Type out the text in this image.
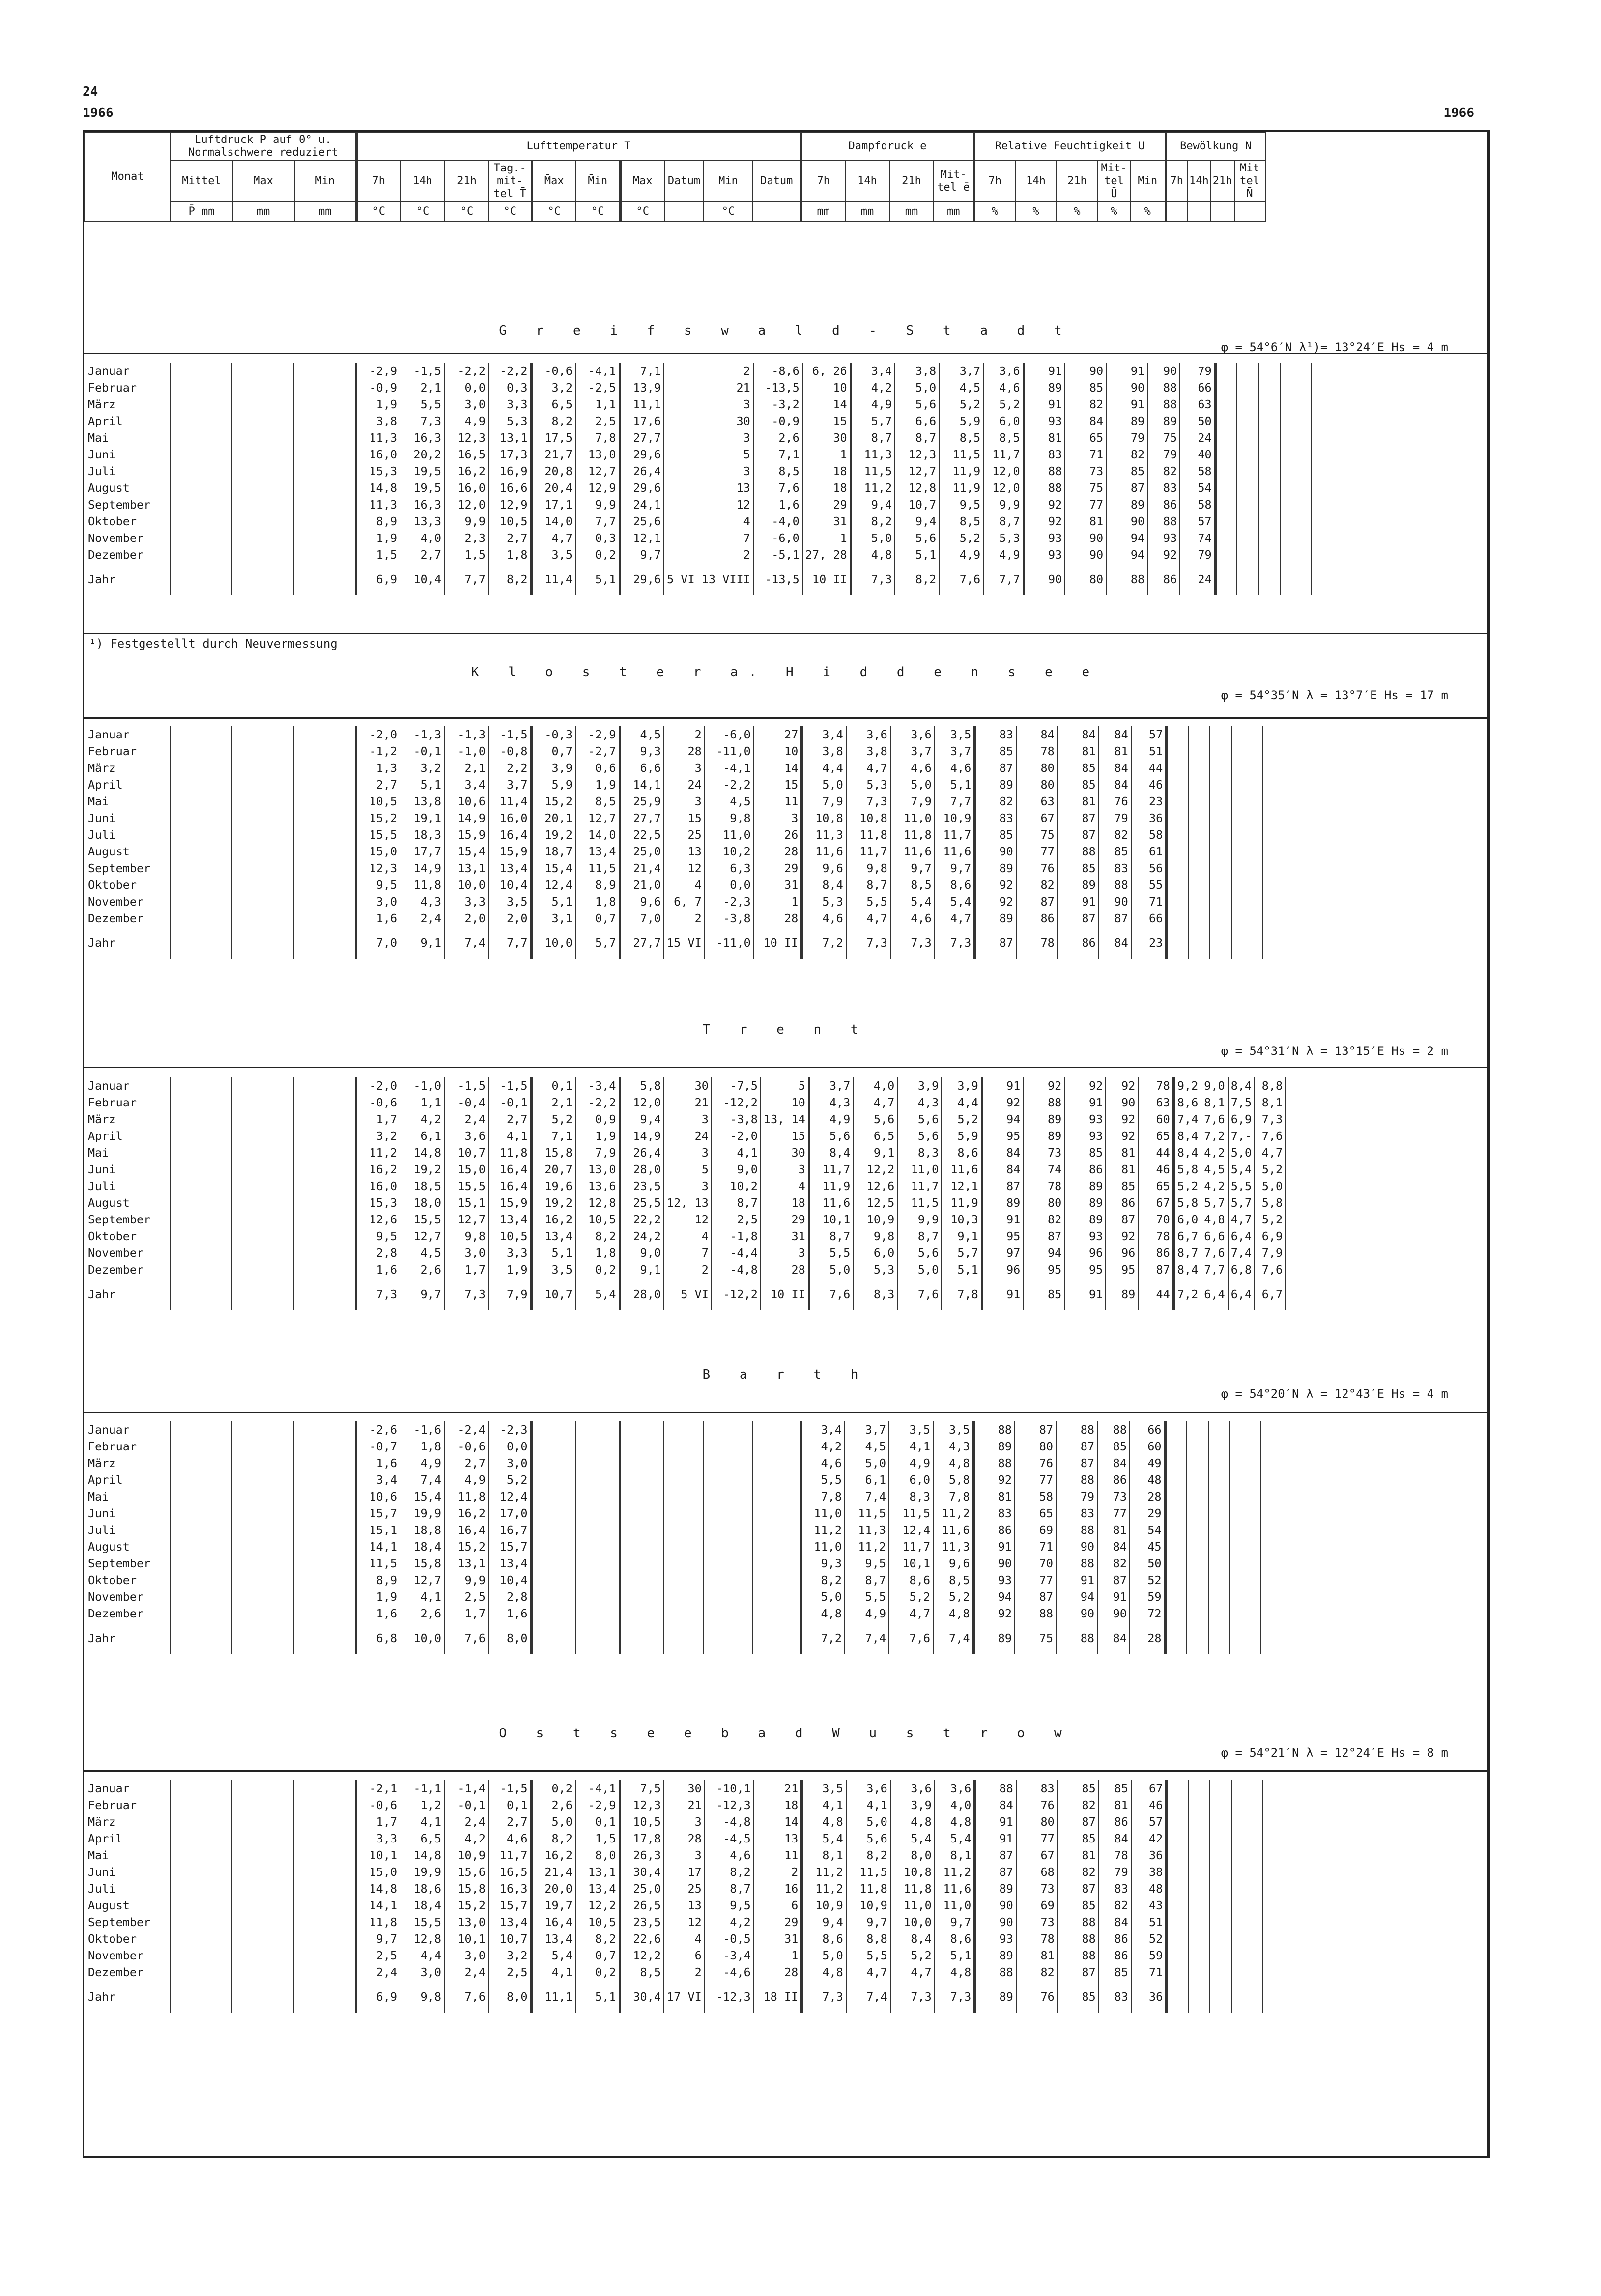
24
1966	1966
Monat	Luftdruck P auf 0° u. Normalschwere reduziert			Lufttemperatur T										Dampfdruck e				Relative Feuchtigkeit U					Bewölkung N			
	Mittel	Max	Min	7h	14h	21h	Tag.- mit- tel T̄	M̄ax	M̄in	Max	Datum	Min	Datum	7h	14h	21h	Mit- tel ē	7h	14h	21h	Mit- tel Ū	Min	7h	14h	21h	Mit tel N̄
	P̄ mm	mm	mm	°C	°C	°C	°C	°C	°C	°C		°C		mm	mm	mm	mm	%	%	%	%	%				
G r e i f s w a l d - S t a d t
φ = 54°6′N λ¹)= 13°24′E Hs = 4 m
Januar				-2,9	-1,5	-2,2	-2,2	-0,6	-4,1	7,1	2	-8,6	6, 26	3,4	3,8	3,7	3,6	91	90	91	90	79				
Februar				-0,9	2,1	0,0	0,3	3,2	-2,5	13,9	21	-13,5	10	4,2	5,0	4,5	4,6	89	85	90	88	66				
März				1,9	5,5	3,0	3,3	6,5	1,1	11,1	3	-3,2	14	4,9	5,6	5,2	5,2	91	82	91	88	63				
April				3,8	7,3	4,9	5,3	8,2	2,5	17,6	30	-0,9	15	5,7	6,6	5,9	6,0	93	84	89	89	50				
Mai				11,3	16,3	12,3	13,1	17,5	7,8	27,7	3	2,6	30	8,7	8,7	8,5	8,5	81	65	79	75	24				
Juni				16,0	20,2	16,5	17,3	21,7	13,0	29,6	5	7,1	1	11,3	12,3	11,5	11,7	83	71	82	79	40				
Juli				15,3	19,5	16,2	16,9	20,8	12,7	26,4	3	8,5	18	11,5	12,7	11,9	12,0	88	73	85	82	58				
August				14,8	19,5	16,0	16,6	20,4	12,9	29,6	13	7,6	18	11,2	12,8	11,9	12,0	88	75	87	83	54				
September				11,3	16,3	12,0	12,9	17,1	9,9	24,1	12	1,6	29	9,4	10,7	9,5	9,9	92	77	89	86	58				
Oktober				8,9	13,3	9,9	10,5	14,0	7,7	25,6	4	-4,0	31	8,2	9,4	8,5	8,7	92	81	90	88	57				
November				1,9	4,0	2,3	2,7	4,7	0,3	12,1	7	-6,0	1	5,0	5,6	5,2	5,3	93	90	94	93	74				
Dezember				1,5	2,7	1,5	1,8	3,5	0,2	9,7	2	-5,1	27, 28	4,8	5,1	4,9	4,9	93	90	94	92	79				
Jahr				6,9	10,4	7,7	8,2	11,4	5,1	29,6	5 VI 13 VIII	-13,5	10 II	7,3	8,2	7,6	7,7	90	80	88	86	24				
K l o s t e r a. H i d d e n s e e
φ = 54°35′N λ = 13°7′E Hs = 17 m
Januar				-2,0	-1,3	-1,3	-1,5	-0,3	-2,9	4,5	2	-6,0	27	3,4	3,6	3,6	3,5	83	84	84	84	57				
Februar				-1,2	-0,1	-1,0	-0,8	0,7	-2,7	9,3	28	-11,0	10	3,8	3,8	3,7	3,7	85	78	81	81	51				
März				1,3	3,2	2,1	2,2	3,9	0,6	6,6	3	-4,1	14	4,4	4,7	4,6	4,6	87	80	85	84	44				
April				2,7	5,1	3,4	3,7	5,9	1,9	14,1	24	-2,2	15	5,0	5,3	5,0	5,1	89	80	85	84	46				
Mai				10,5	13,8	10,6	11,4	15,2	8,5	25,9	3	4,5	11	7,9	7,3	7,9	7,7	82	63	81	76	23				
Juni				15,2	19,1	14,9	16,0	20,1	12,7	27,7	15	9,8	3	10,8	10,8	11,0	10,9	83	67	87	79	36				
Juli				15,5	18,3	15,9	16,4	19,2	14,0	22,5	25	11,0	26	11,3	11,8	11,8	11,7	85	75	87	82	58				
August				15,0	17,7	15,4	15,9	18,7	13,4	25,0	13	10,2	28	11,6	11,7	11,6	11,6	90	77	88	85	61				
September				12,3	14,9	13,1	13,4	15,4	11,5	21,4	12	6,3	29	9,6	9,8	9,7	9,7	89	76	85	83	56				
Oktober				9,5	11,8	10,0	10,4	12,4	8,9	21,0	4	0,0	31	8,4	8,7	8,5	8,6	92	82	89	88	55				
November				3,0	4,3	3,3	3,5	5,1	1,8	9,6	6, 7	-2,3	1	5,3	5,5	5,4	5,4	92	87	91	90	71				
Dezember				1,6	2,4	2,0	2,0	3,1	0,7	7,0	2	-3,8	28	4,6	4,7	4,6	4,7	89	86	87	87	66				
Jahr				7,0	9,1	7,4	7,7	10,0	5,7	27,7	15 VI	-11,0	10 II	7,2	7,3	7,3	7,3	87	78	86	84	23				
T r e n t
φ = 54°31′N λ = 13°15′E Hs = 2 m
Januar				-2,0	-1,0	-1,5	-1,5	0,1	-3,4	5,8	30	-7,5	5	3,7	4,0	3,9	3,9	91	92	92	92	78	9,2	9,0	8,4	8,8
Februar				-0,6	1,1	-0,4	-0,1	2,1	-2,2	12,0	21	-12,2	10	4,3	4,7	4,3	4,4	92	88	91	90	63	8,6	8,1	7,5	8,1
März				1,7	4,2	2,4	2,7	5,2	0,9	9,4	3	-3,8	13, 14	4,9	5,6	5,6	5,2	94	89	93	92	60	7,4	7,6	6,9	7,3
April				3,2	6,1	3,6	4,1	7,1	1,9	14,9	24	-2,0	15	5,6	6,5	5,6	5,9	95	89	93	92	65	8,4	7,2	7,-	7,6
Mai				11,2	14,8	10,7	11,8	15,8	7,9	26,4	3	4,1	30	8,4	9,1	8,3	8,6	84	73	85	81	44	8,4	4,2	5,0	4,7
Juni				16,2	19,2	15,0	16,4	20,7	13,0	28,0	5	9,0	3	11,7	12,2	11,0	11,6	84	74	86	81	46	5,8	4,5	5,4	5,2
Juli				16,0	18,5	15,5	16,4	19,6	13,6	23,5	3	10,2	4	11,9	12,6	11,7	12,1	87	78	89	85	65	5,2	4,2	5,5	5,0
August				15,3	18,0	15,1	15,9	19,2	12,8	25,5	12, 13	8,7	18	11,6	12,5	11,5	11,9	89	80	89	86	67	5,8	5,7	5,7	5,8
September				12,6	15,5	12,7	13,4	16,2	10,5	22,2	12	2,5	29	10,1	10,9	9,9	10,3	91	82	89	87	70	6,0	4,8	4,7	5,2
Oktober				9,5	12,7	9,8	10,5	13,4	8,2	24,2	4	-1,8	31	8,7	9,8	8,7	9,1	95	87	93	92	78	6,7	6,6	6,4	6,9
November				2,8	4,5	3,0	3,3	5,1	1,8	9,0	7	-4,4	3	5,5	6,0	5,6	5,7	97	94	96	96	86	8,7	7,6	7,4	7,9
Dezember				1,6	2,6	1,7	1,9	3,5	0,2	9,1	2	-4,8	28	5,0	5,3	5,0	5,1	96	95	95	95	87	8,4	7,7	6,8	7,6
Jahr				7,3	9,7	7,3	7,9	10,7	5,4	28,0	5 VI	-12,2	10 II	7,6	8,3	7,6	7,8	91	85	91	89	44	7,2	6,4	6,4	6,7
B a r t h
φ = 54°20′N λ = 12°43′E Hs = 4 m
Januar				-2,6	-1,6	-2,4	-2,3							3,4	3,7	3,5	3,5	88	87	88	88	66				
Februar				-0,7	1,8	-0,6	0,0							4,2	4,5	4,1	4,3	89	80	87	85	60				
März				1,6	4,9	2,7	3,0							4,6	5,0	4,9	4,8	88	76	87	84	49				
April				3,4	7,4	4,9	5,2							5,5	6,1	6,0	5,8	92	77	88	86	48				
Mai				10,6	15,4	11,8	12,4							7,8	7,4	8,3	7,8	81	58	79	73	28				
Juni				15,7	19,9	16,2	17,0							11,0	11,5	11,5	11,2	83	65	83	77	29				
Juli				15,1	18,8	16,4	16,7							11,2	11,3	12,4	11,6	86	69	88	81	54				
August				14,1	18,4	15,2	15,7							11,0	11,2	11,7	11,3	91	71	90	84	45				
September				11,5	15,8	13,1	13,4							9,3	9,5	10,1	9,6	90	70	88	82	50				
Oktober				8,9	12,7	9,9	10,4							8,2	8,7	8,6	8,5	93	77	91	87	52				
November				1,9	4,1	2,5	2,8							5,0	5,5	5,2	5,2	94	87	94	91	59				
Dezember				1,6	2,6	1,7	1,6							4,8	4,9	4,7	4,8	92	88	90	90	72				
Jahr				6,8	10,0	7,6	8,0							7,2	7,4	7,6	7,4	89	75	88	84	28				
O s t s e e b a d W u s t r o w
φ = 54°21′N λ = 12°24′E Hs = 8 m
Januar				-2,1	-1,1	-1,4	-1,5	0,2	-4,1	7,5	30	-10,1	21	3,5	3,6	3,6	3,6	88	83	85	85	67				
Februar				-0,6	1,2	-0,1	0,1	2,6	-2,9	12,3	21	-12,3	18	4,1	4,1	3,9	4,0	84	76	82	81	46				
März				1,7	4,1	2,4	2,7	5,0	0,1	10,5	3	-4,8	14	4,8	5,0	4,8	4,8	91	80	87	86	57				
April				3,3	6,5	4,2	4,6	8,2	1,5	17,8	28	-4,5	13	5,4	5,6	5,4	5,4	91	77	85	84	42				
Mai				10,1	14,8	10,9	11,7	16,2	8,0	26,3	3	4,6	11	8,1	8,2	8,0	8,1	87	67	81	78	36				
Juni				15,0	19,9	15,6	16,5	21,4	13,1	30,4	17	8,2	2	11,2	11,5	10,8	11,2	87	68	82	79	38				
Juli				14,8	18,6	15,8	16,3	20,0	13,4	25,0	25	8,7	16	11,2	11,8	11,8	11,6	89	73	87	83	48				
August				14,1	18,4	15,2	15,7	19,7	12,2	26,5	13	9,5	6	10,9	10,9	11,0	11,0	90	69	85	82	43				
September				11,8	15,5	13,0	13,4	16,4	10,5	23,5	12	4,2	29	9,4	9,7	10,0	9,7	90	73	88	84	51				
Oktober				9,7	12,8	10,1	10,7	13,4	8,2	22,6	4	-0,5	31	8,6	8,8	8,4	8,6	93	78	88	86	52				
November				2,5	4,4	3,0	3,2	5,4	0,7	12,2	6	-3,4	1	5,0	5,5	5,2	5,1	89	81	88	86	59				
Dezember				2,4	3,0	2,4	2,5	4,1	0,2	8,5	2	-4,6	28	4,8	4,7	4,7	4,8	88	82	87	85	71				
Jahr				6,9	9,8	7,6	8,0	11,1	5,1	30,4	17 VI	-12,3	18 II	7,3	7,4	7,3	7,3	89	76	85	83	36				
¹) Festgestellt durch Neuvermessung
